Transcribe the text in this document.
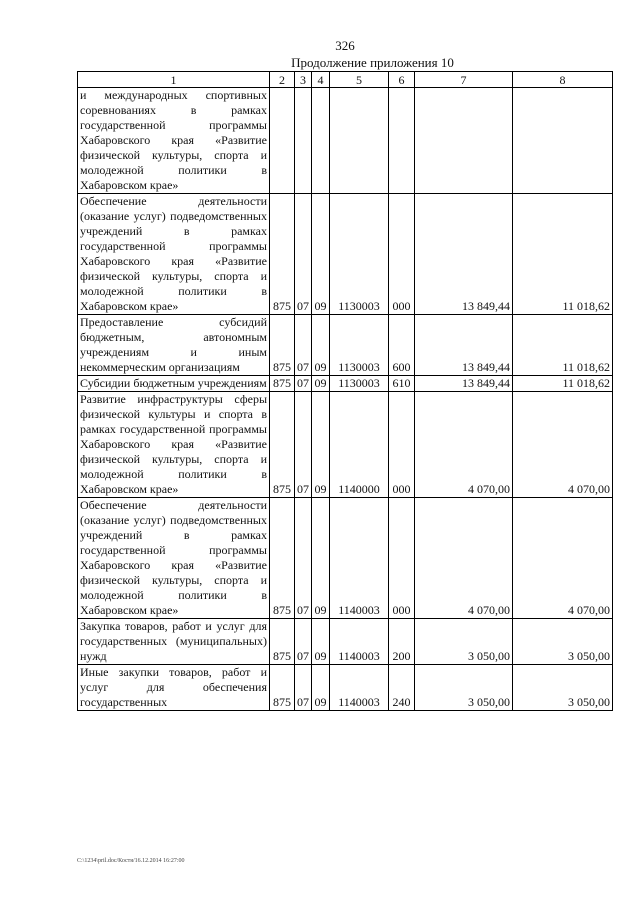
326
Продолжение приложения 10
1	2	3	4	5	6	7	8
и международных спортивных соревнованиях в рамках государственной программы Хабаровского края «Развитие физической культуры, спорта и молодежной политики в Хабаровском крае»							
Обеспечение деятельности (оказание услуг) подведомственных учреждений в рамках государственной программы Хабаровского края «Развитие физической культуры, спорта и молодежной политики в Хабаровском крае»	875	07	09	1130003	000	13 849,44	11 018,62
Предоставление субсидий бюджетным, автономным учреждениям и иным некоммерческим организациям	875	07	09	1130003	600	13 849,44	11 018,62
Субсидии бюджетным учреждениям	875	07	09	1130003	610	13 849,44	11 018,62
Развитие инфраструктуры сферы физической культуры и спорта в рамках государственной программы Хабаровского края «Развитие физической культуры, спорта и молодежной политики в Хабаровском крае»	875	07	09	1140000	000	4 070,00	4 070,00
Обеспечение деятельности (оказание услуг) подведомственных учреждений в рамках государственной программы Хабаровского края «Развитие физической культуры, спорта и молодежной политики в Хабаровском крае»	875	07	09	1140003	000	4 070,00	4 070,00
Закупка товаров, работ и услуг для государственных (муниципальных) нужд	875	07	09	1140003	200	3 050,00	3 050,00
Иные закупки товаров, работ и услуг для обеспечения государственных	875	07	09	1140003	240	3 050,00	3 050,00
C:\1234\pril.doc/Костя/16.12.2014 16:27:00
